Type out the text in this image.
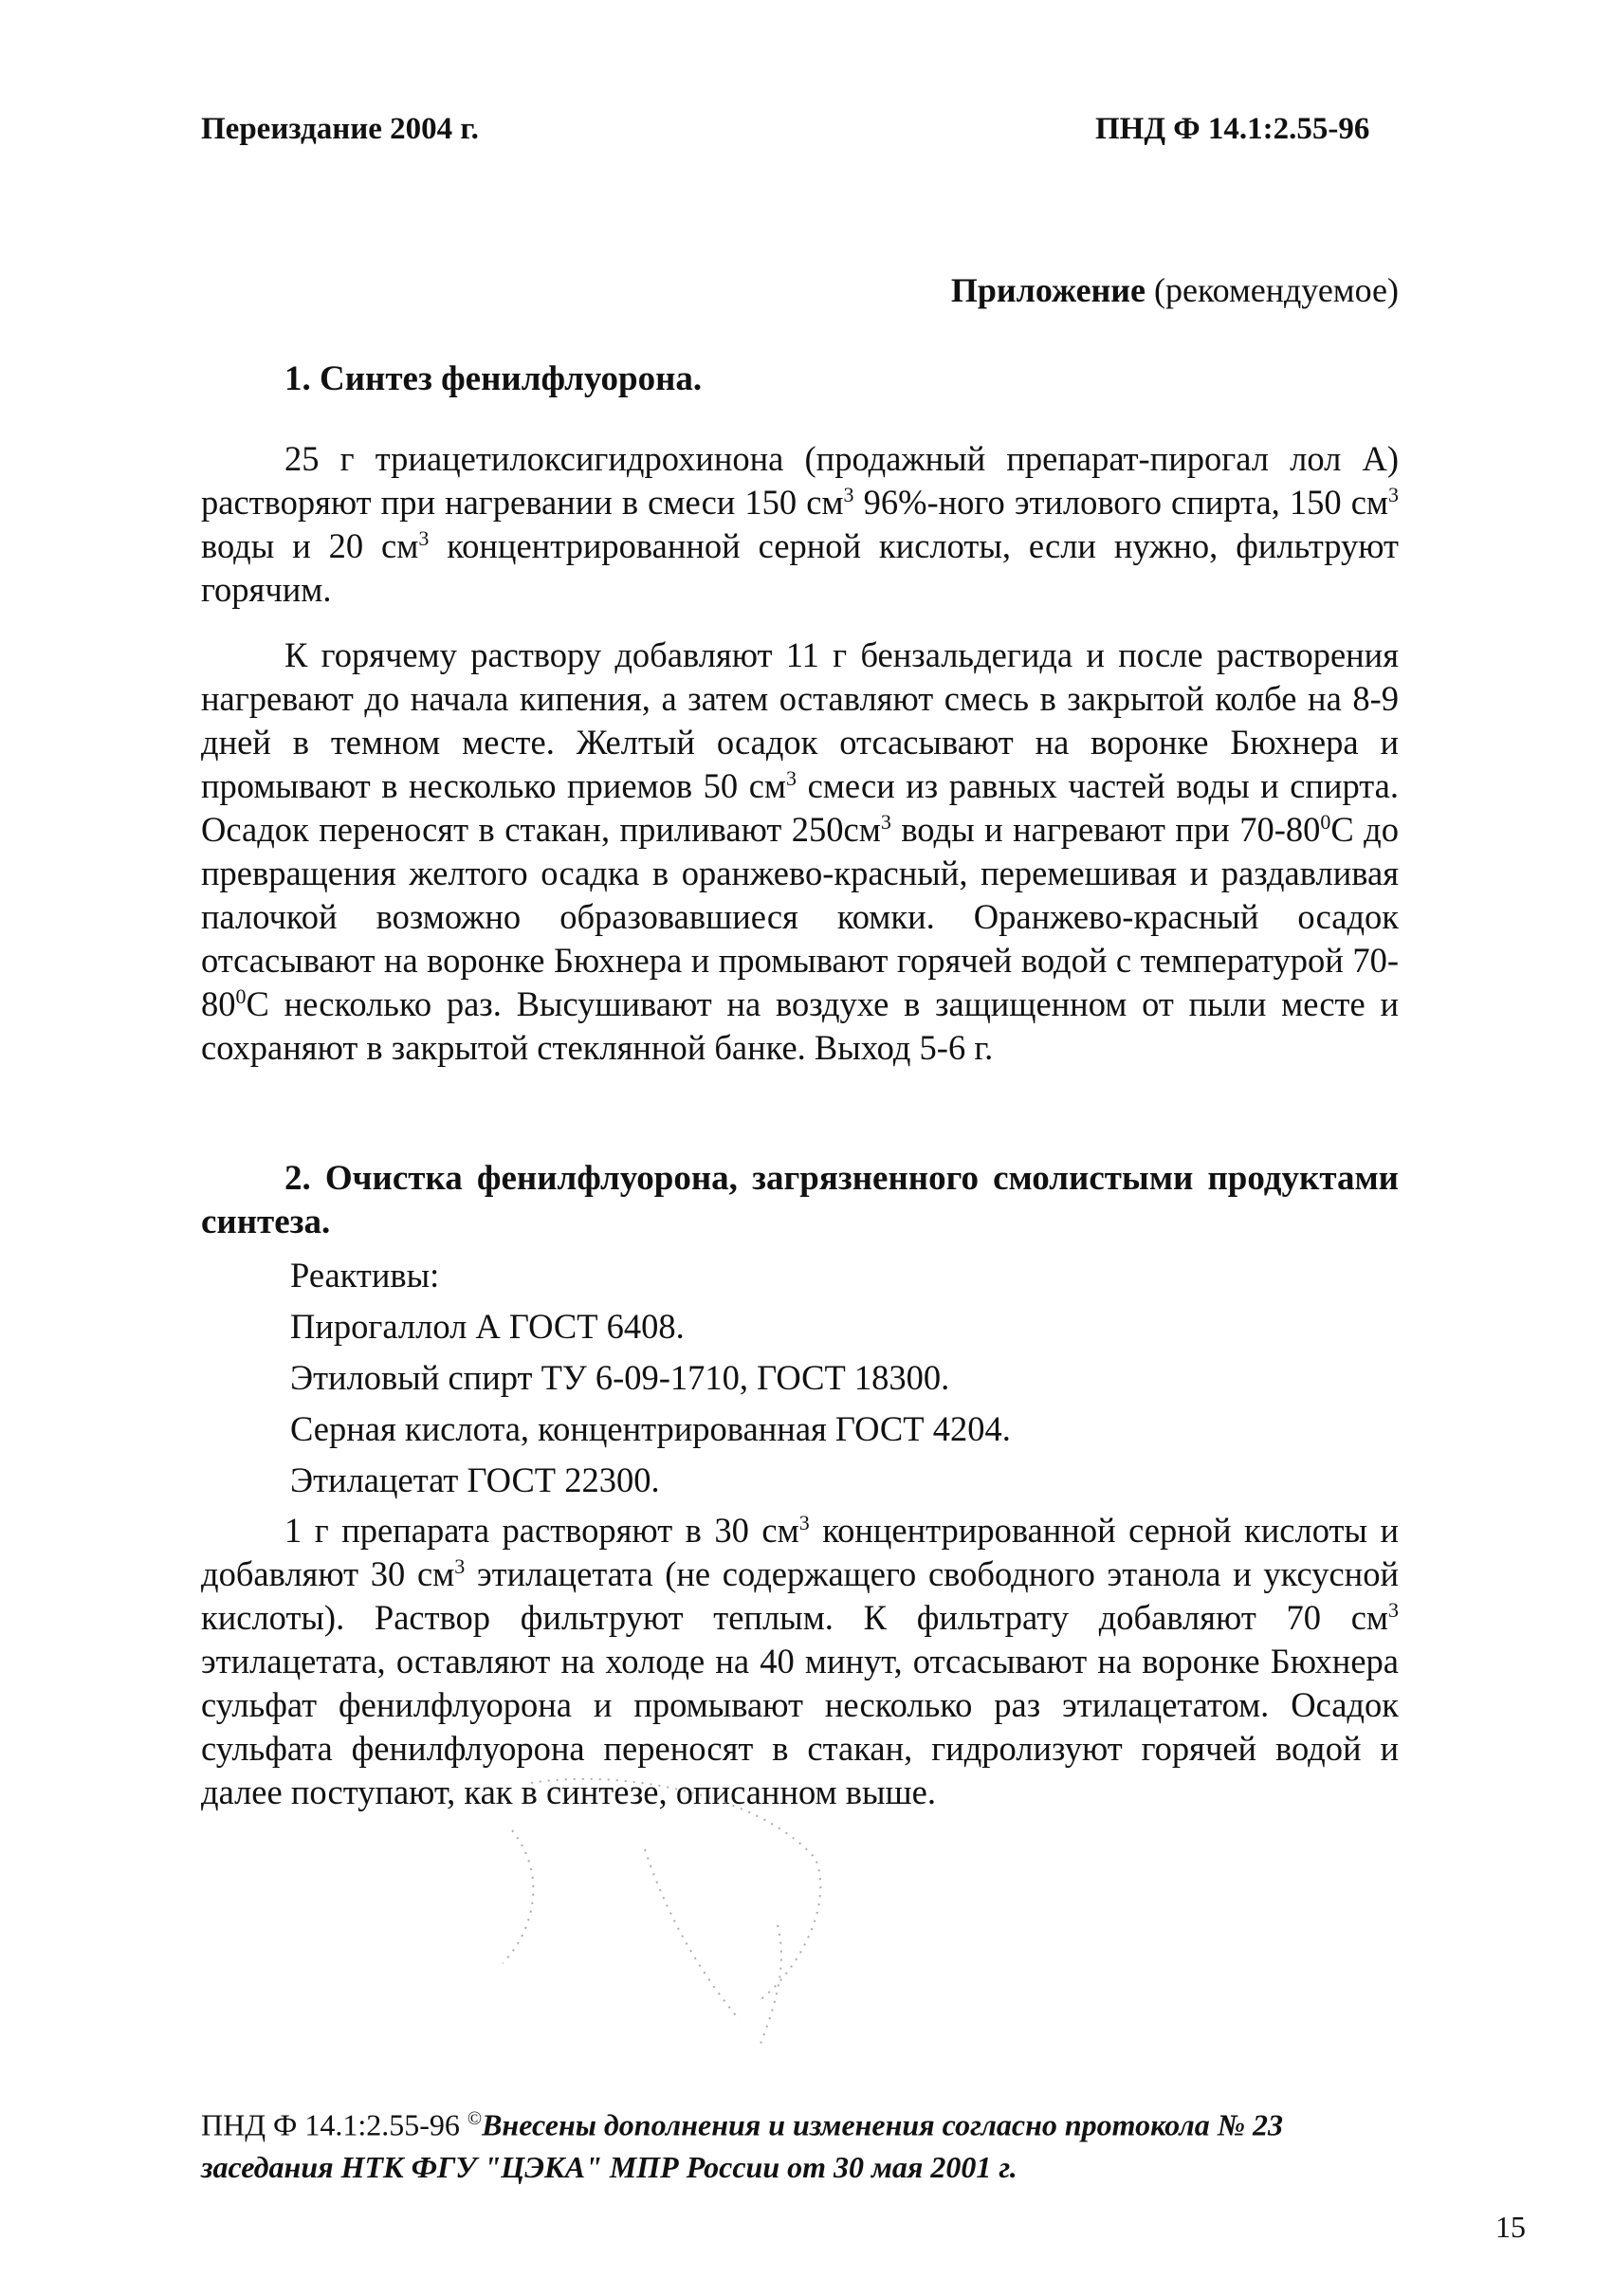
Переиздание 2004 г.	ПНД Ф 14.1:2.55-96
Приложение (рекомендуемое)
1. Синтез фенилфлуорона.

25 г триацетилоксигидрохинона (продажный препарат-пирогал лол А) растворяют при нагревании в смеси 150 $см^3$ 96%-ного этилового спирта, 150 $см^3$ воды и 20 $см^3$ концентрированной серной кислоты, если нужно, фильтруют горячим.

К горячему раствору добавляют 11 г бензальдегида и после растворения нагревают до начала кипения, а затем оставляют смесь в закрытой колбе на 8-9 дней в темном месте. Желтый осадок отсасывают на воронке Бюхнера и промывают в несколько приемов 50 $см^3$ смеси из равных частей воды и спирта. Осадок переносят в стакан, приливают $250см^3$ воды и нагревают при $70-80^0С$ до превращения желтого осадка в оранжево-красный, перемешивая и раздавливая палочкой возможно образовавшиеся комки. Оранжево-красный осадок отсасывают на воронке Бюхнера и промывают горячей водой с температурой $70-80^0С$ несколько раз. Высушивают на воздухе в защищенном от пыли месте и сохраняют в закрытой стеклянной банке. Выход 5-6 г.

2. Очистка фенилфлуорона, загрязненного смолистыми продуктами синтеза.

Реактивы:
Пирогаллол А ГОСТ 6408.
Этиловый спирт ТУ 6-09-1710, ГОСТ 18300.
Серная кислота, концентрированная ГОСТ 4204.
Этилацетат ГОСТ 22300.

1 г препарата растворяют в 30 $см^3$ концентрированной серной кислоты и добавляют 30 $см^3$ этилацетата (не содержащего свободного этанола и уксусной кислоты). Раствор фильтруют теплым. К фильтрату добавляют 70 $см^3$ этилацетата, оставляют на холоде на 40 минут, отсасывают на воронке Бюхнера сульфат фенилфлуорона и промывают несколько раз этилацетатом. Осадок сульфата фенилфлуорона переносят в стакан, гидролизуют горячей водой и далее поступают, как в синтезе, описанном выше.

ПНД Ф 14.1:2.55-96 ©Внесены дополнения и изменения согласно протокола № 23 заседания НТК ФГУ "ЦЭКА" МПР России от 30 мая 2001 г.

15
